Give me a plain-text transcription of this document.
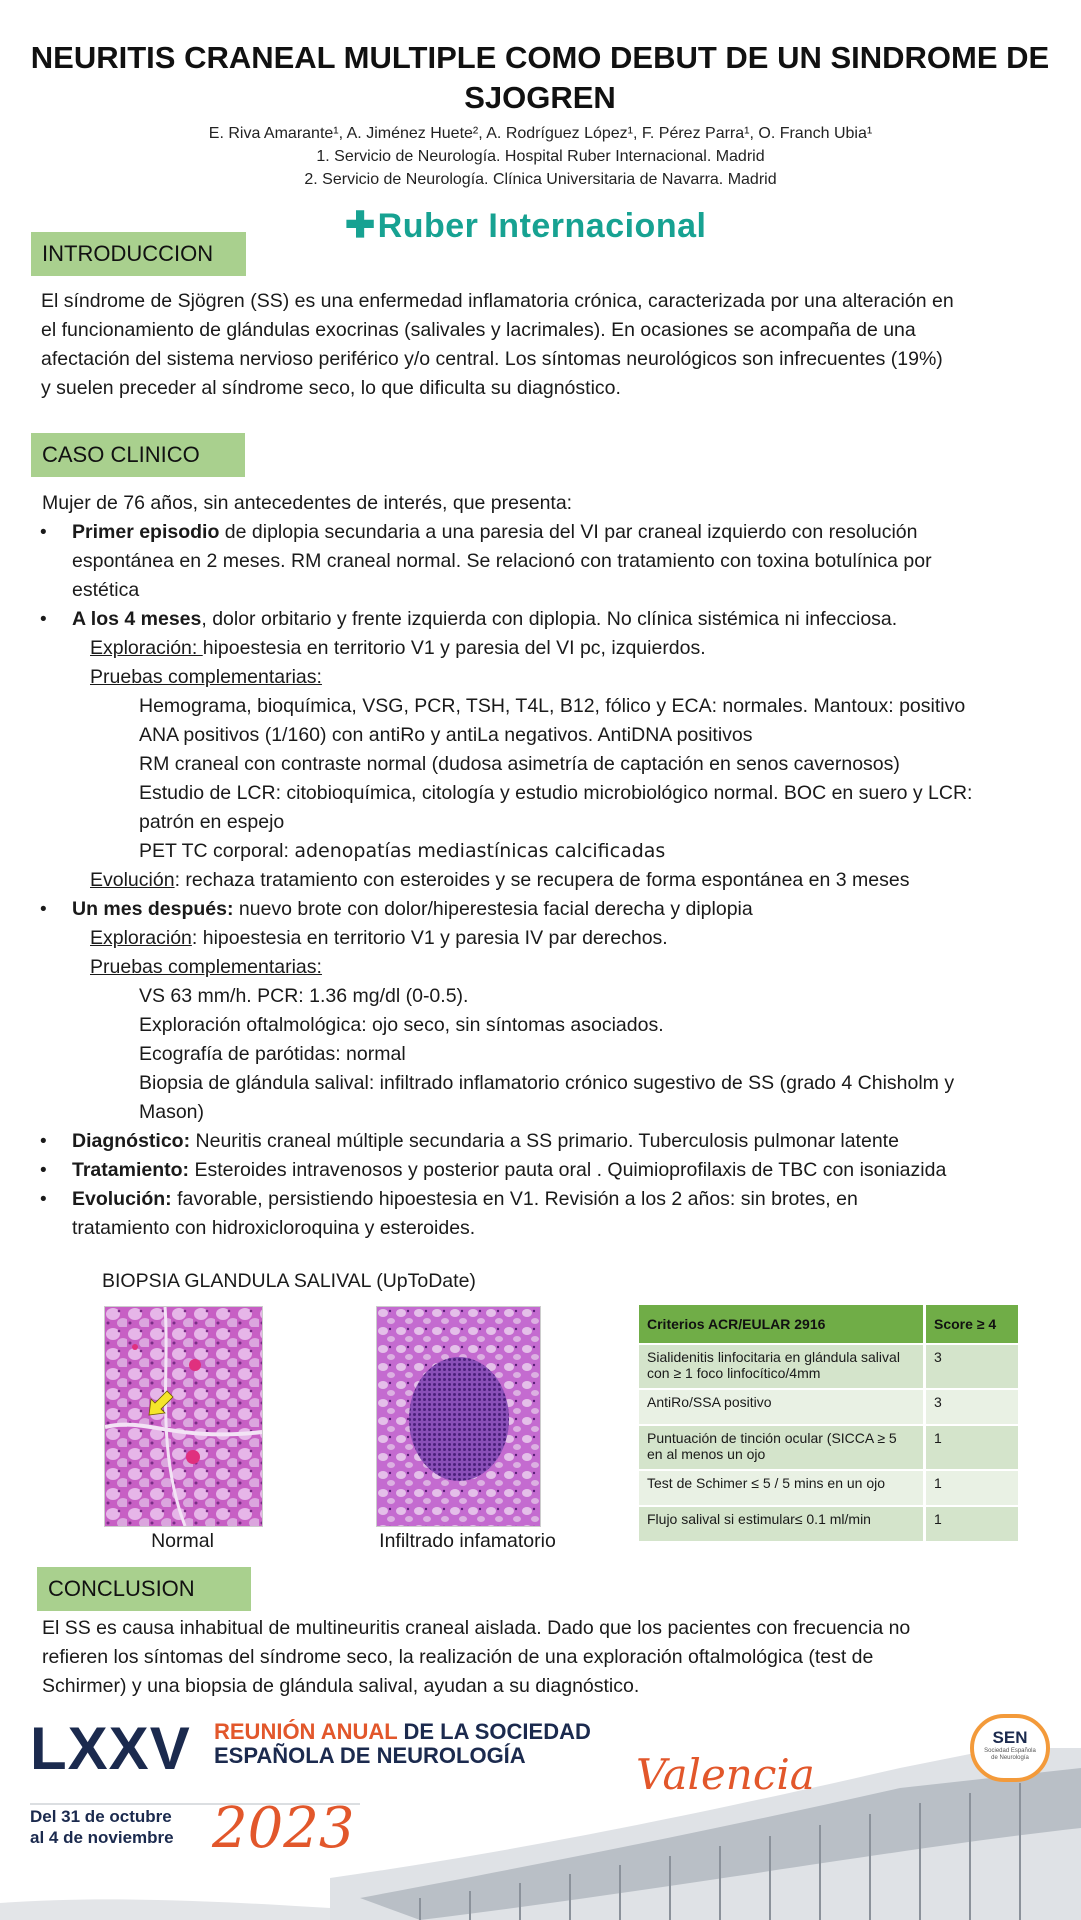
NEURITIS CRANEAL MULTIPLE COMO DEBUT DE UN SINDROME DE SJOGREN
E. Riva Amarante¹, A. Jiménez Huete², A. Rodríguez López¹, F. Pérez Parra¹, O. Franch Ubia¹
1. Servicio de Neurología. Hospital Ruber Internacional. Madrid
2. Servicio de Neurología. Clínica Universitaria de Navarra. Madrid
✚Ruber Internacional
INTRODUCCION
El síndrome de Sjögren (SS) es una enfermedad inflamatoria crónica, caracterizada por una alteración en
el funcionamiento de glándulas exocrinas (salivales y lacrimales). En ocasiones se acompaña de una
afectación del sistema nervioso periférico y/o central. Los síntomas neurológicos son infrecuentes (19%)
y suelen preceder al síndrome seco, lo que dificulta su diagnóstico.
CASO CLINICO
Mujer de 76 años, sin antecedentes de interés, que presenta:
• Primer episodio de diplopia secundaria a una paresia del VI par craneal izquierdo con resolución
espontánea en 2 meses. RM craneal normal. Se relacionó con tratamiento con toxina botulínica por
estética
• A los 4 meses, dolor orbitario y frente izquierda con diplopia. No clínica sistémica ni infecciosa.
Exploración: hipoestesia en territorio V1 y paresia del VI pc, izquierdos.
Pruebas complementarias:
Hemograma, bioquímica, VSG, PCR, TSH, T4L, B12, fólico y ECA: normales. Mantoux: positivo
ANA positivos (1/160) con antiRo y antiLa negativos. AntiDNA positivos
RM craneal con contraste normal (dudosa asimetría de captación en senos cavernosos)
Estudio de LCR: citobioquímica, citología y estudio microbiológico normal. BOC en suero y LCR:
patrón en espejo
PET TC corporal: adenopatías mediastínicas calcificadas
Evolución: rechaza tratamiento con esteroides y se recupera de forma espontánea en 3 meses
• Un mes después: nuevo brote con dolor/hiperestesia facial derecha y diplopia
Exploración: hipoestesia en territorio V1 y paresia IV par derechos.
Pruebas complementarias:
VS 63 mm/h. PCR: 1.36 mg/dl (0-0.5).
Exploración oftalmológica: ojo seco, sin síntomas asociados.
Ecografía de parótidas: normal
Biopsia de glándula salival: infiltrado inflamatorio crónico sugestivo de SS (grado 4 Chisholm y
Mason)
• Diagnóstico: Neuritis craneal múltiple secundaria a SS primario. Tuberculosis pulmonar latente
• Tratamiento: Esteroides intravenosos y posterior pauta oral . Quimioprofilaxis de TBC con isoniazida
• Evolución: favorable, persistiendo hipoestesia en V1. Revisión a los 2 años: sin brotes, en
tratamiento con hidroxicloroquina y esteroides.
BIOPSIA GLANDULA SALIVAL (UpToDate)
Normal	Infiltrado infamatorio
Criterios ACR/EULAR 2916	Score ≥ 4
Sialidenitis linfocitaria en glándula salival con ≥ 1 foco linfocítico/4mm	3
AntiRo/SSA positivo	3
Puntuación de tinción ocular (SICCA ≥ 5 en al menos un ojo	1
Test de Schimer ≤ 5 / 5 mins en un ojo	1
Flujo salival si estimular≤ 0.1 ml/min	1
CONCLUSION
El SS es causa inhabitual de multineuritis craneal aislada. Dado que los pacientes con frecuencia no
refieren los síntomas del síndrome seco, la realización de una exploración oftalmológica (test de
Schirmer) y una biopsia de glándula salival, ayudan a su diagnóstico.
LXXV REUNIÓN ANUAL DE LA SOCIEDAD
ESPAÑOLA DE NEUROLOGÍA	Valencia
Del 31 de octubre
al 4 de noviembre 2023
SEN
Sociedad Española
de Neurología
